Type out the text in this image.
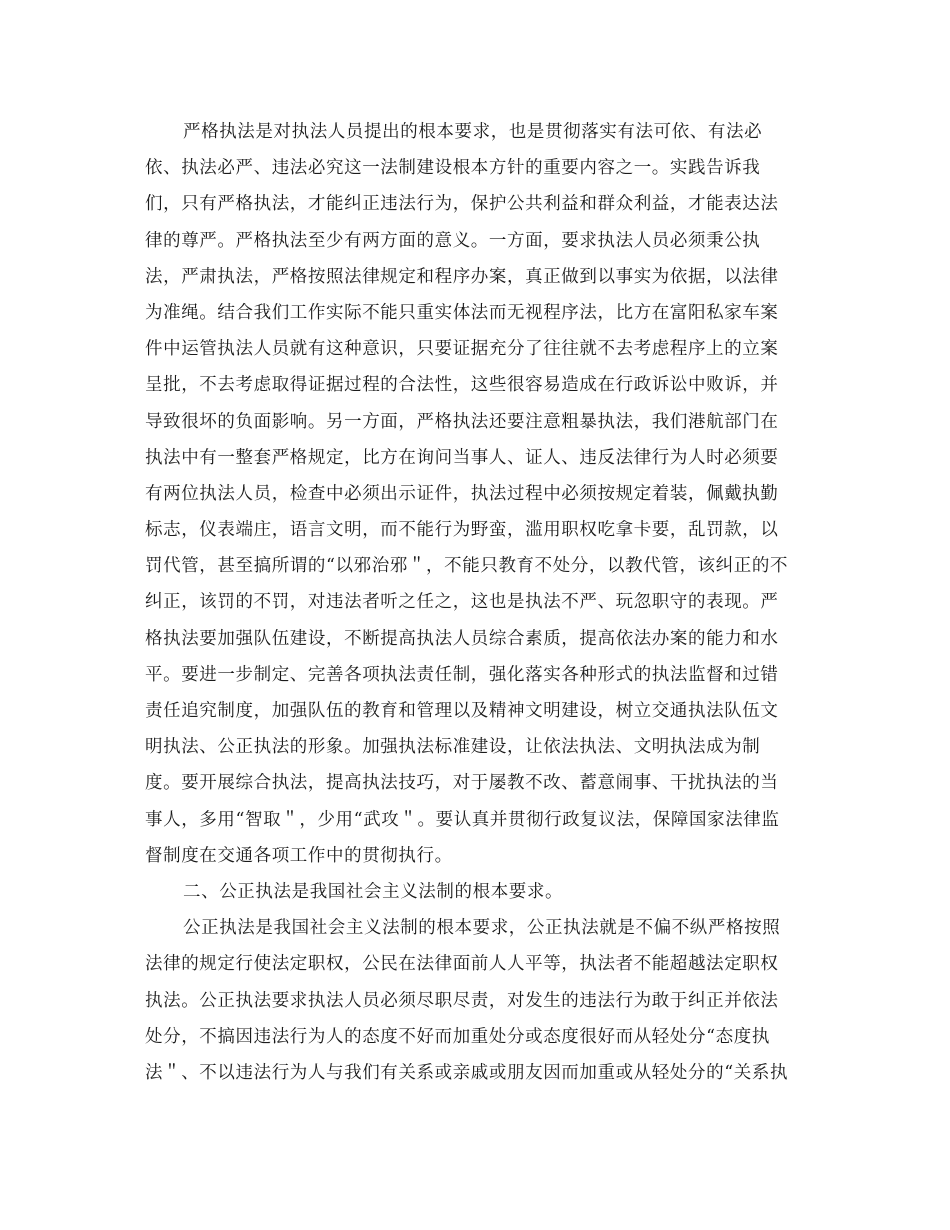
严格执法是对执法人员提出的根本要求，也是贯彻落实有法可依、有法必
依、执法必严、违法必究这一法制建设根本方针的重要内容之一。实践告诉我
们，只有严格执法，才能纠正违法行为，保护公共利益和群众利益，才能表达法
律的尊严。严格执法至少有两方面的意义。一方面，要求执法人员必须秉公执
法，严肃执法，严格按照法律规定和程序办案，真正做到以事实为依据，以法律
为准绳。结合我们工作实际不能只重实体法而无视程序法，比方在富阳私家车案
件中运管执法人员就有这种意识，只要证据充分了往往就不去考虑程序上的立案
呈批，不去考虑取得证据过程的合法性，这些很容易造成在行政诉讼中败诉，并
导致很坏的负面影响。另一方面，严格执法还要注意粗暴执法，我们港航部门在
执法中有一整套严格规定，比方在询问当事人、证人、违反法律行为人时必须要
有两位执法人员，检查中必须出示证件，执法过程中必须按规定着装，佩戴执勤
标志，仪表端庄，语言文明，而不能行为野蛮，滥用职权吃拿卡要，乱罚款，以
罚代管，甚至搞所谓的“以邪治邪＂，不能只教育不处分，以教代管，该纠正的不
纠正，该罚的不罚，对违法者听之任之，这也是执法不严、玩忽职守的表现。严
格执法要加强队伍建设，不断提高执法人员综合素质，提高依法办案的能力和水
平。要进一步制定、完善各项执法责任制，强化落实各种形式的执法监督和过错
责任追究制度，加强队伍的教育和管理以及精神文明建设，树立交通执法队伍文
明执法、公正执法的形象。加强执法标准建设，让依法执法、文明执法成为制
度。要开展综合执法，提高执法技巧，对于屡教不改、蓄意闹事、干扰执法的当
事人，多用“智取＂，少用“武攻＂。要认真并贯彻行政复议法，保障国家法律监
督制度在交通各项工作中的贯彻执行。
二、公正执法是我国社会主义法制的根本要求。
公正执法是我国社会主义法制的根本要求，公正执法就是不偏不纵严格按照
法律的规定行使法定职权，公民在法律面前人人平等，执法者不能超越法定职权
执法。公正执法要求执法人员必须尽职尽责，对发生的违法行为敢于纠正并依法
处分，不搞因违法行为人的态度不好而加重处分或态度很好而从轻处分“态度执
法＂、不以违法行为人与我们有关系或亲戚或朋友因而加重或从轻处分的“关系执
